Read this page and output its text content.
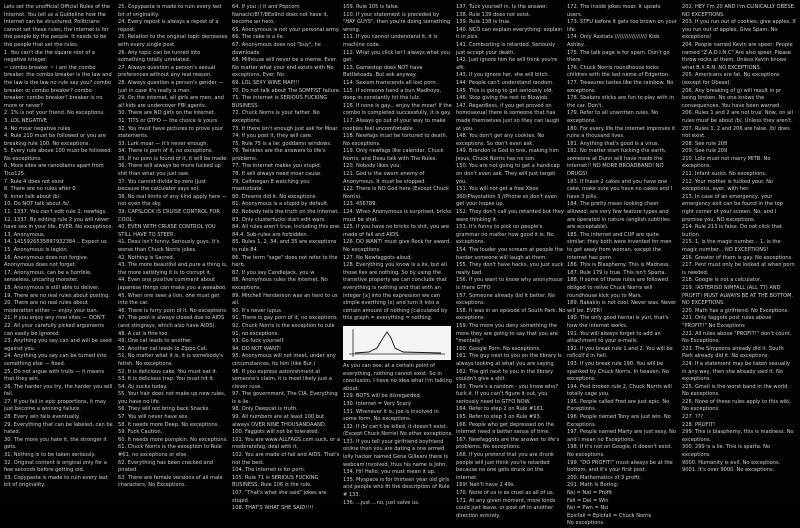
Lets set the unofficial Official Rules of the Internet. You tell us a Guideline how the Internet can be structured. Politicians cannot set these rules, the Internet is for the people by the people. It needs to be the people that set the rules.
1. You can't die the square root of a negative integer.
~ combo breaker ~ i am the combo breaker. the combo breaker is the law and the law is the law no rule say you? combo breaker or combo breaker? combo breaker: combo breaker? breaker is no more or never?
2. 1% is not your friend. No exceptions.
3. LOL NEGATIVE
4. No moar negative rules
4. Rule 210 must be followed or you are breaking rule 100. No exceptions.
5. Every rule above 100 must be followed. No exceptions.
6. More sites are ranodiams apart from Tico125.
7. Rule 4 does not exist
8. There are no rules after 0.
9. Inner talk about /b/.
10. Do NOT talk about /b/.
11. 1337. You can't edit rule 2, newfags.
12. 1337. By editing rule 2 you will never have sex in your life. EVER. No exceptions.
13. Anonymous.
14. 1415926535897932384... Expect us.
15. Anonymous is legion.
16. Anonymous does not forgive. Anonymous does not forget.
17. Anonymous. can be a horrible, senseless, uncaring monster.
18. Anonymous is still able to deliver.
19. There are no real rules about posting.
20. There are no real rules about moderation either — enjoy your ban.
21. If you enjoy any rival sites — DON'T.
22. All your carefully picked arguments can easily be ignored.
23. Anything you say can and will be used against you.
24. Anything you say can be turned into something else — fixed.
25. Do not argue with trolls — it means that they win.
26. The harder you try, the harder you will fail.
27. If you fail in epic proportions, it may just become a winning failure.
28. Every win fails eventually.
29. Everything that can be labeled, can be hated.
30. The more you hate it, the stronger it gets.
31. Nothing is to be taken seriously.
32. Original content is original only for a few seconds before getting old.
33. Copypasta is made to ruin every last bit of originality.
25. Copypasta is made to ruin every last bit of originality.
24. Every repost is always a repost of a repost.
25. Relation to the original topic decreases with every single post.
26. Any topic can be turned into something totally unrelated.
27. Always question a person's sexual preferences without any real reason.
28. Always question a person's gender — just in case it's really a man.
29. On the internet, all girls are men, and all kids are undercover FBI agents.
30. There are NO girls on the internet.
31. TITS or GTFO — the choice is yours.
32. You must have pictures to prove your statements.
33. Lurk moar — it's never enough.
34. There is porn of it, no exceptions.
35. If no porn is found of it, it will be made.
36. There will always be more fucked up shit than what you just saw.
37. You cannot divide by zero (just because the calculator says so).
38. No real limits of any kind apply here — not even the sky.
39. CAPSLOCK IS CRUISE CONTROL FOR COOL.
40. EVEN WITH CRUISE CONTROL YOU STILL HAVE TO STEER.
41. Desu isn't funny. Seriously guys. It's worse than Chuck Norris jokes.
42. Nothing is Sacred.
43. The more beautiful and pure a thing is, the more satisfying it is to corrupt it.
44. Even one positive comment about Japanese things can make you a weeaboo.
45. When one sees a lion, one must get into the car.
46. There is furry porn of it. No exceptions.
47. The pool is always closed due to AIDS (and stingrays, which also have AIDS).
48. A cat is fine too.
49. One cat leads to another.
50. Another cat leads to Zippo Cat.
51. No matter what it is, it is somebody's fetish. No exceptions.
52. It is delicious cake. You must eat it.
53. It is delicious trap. You must hit it.
54. /b/ sucks today.
55. Your hair does not make up new rules, you have no life.
56. They will not bring back Snacks.
57. You will never have sex.
58. It needs more Deep. No exceptions.
59. Fuck Caution.
60. It needs more pumpkin. No exceptions.
61. Chuck Norris is the exception to Rule #61, no exceptions or else.
62. Everything has been cracked and pirated.
63. There are female versions of all male characters. No Exceptions.
64. If you ;) it and Popcorn Nanachi/8!7/8Ee9nd does not have it, become an hero.
65. Anonymous is not your personal army.
66. The cake is a lie.
67. Anonymous does not "buy", he downloads.
68. Milhouse will never be a meme. Ever. No matter what your end exists with No exceptions, Ever. No.
69. LOL SEXY WINE MAP!!!
70. Do not talk about The SOMFIST failure.
71. The internet is SERIOUS FUCKING BUSINESS.
72. Chuck Norris is your father. No exceptions.
73. If there isn't enough just ask for Moar.
74. If you post it, they will care.
75. Rule 75 is a lie: goddamn windows.
76. Twinkies are the answers to life's problems.
77. The internet makes you stupid.
78. It will always need moar cause.
79. Cellmegan 8 watching you masturbate.
80. Dreams did it. No exceptions.
81. Anonymous is a stupid by default.
82. Nobody tells the truth on the Internet.
83. Only clusterfucks start edit wars.
84. All rules aren't true, including this one.
84.4. Sub-rules are forbidden.
85. Rules 1, 2, 34, and 35 are exceptions to rule 84.
86. The term "sage" does not refer to the herb.
87. If you say Candlejack, you w
88. Anonymous rules the internet. No exceptions.
89. Mitchell Henderson was an hero to us all.
90. It's never lupus.
91. There is gay porn of it, no exceptions.
92. Chuck Norris is the exception to rule 91, no exceptions.
93. Go fuck yourself.
94. DO NOT WANT!
95. Anonymous will not meet, under any circumstances, its him (like Bur.)
96. If you express astonishment at someone's claim, it is most likely just a clever ruse.
97. The government, The CIA, Everything is a lie.
98. Only Deepcat is truth.
99. All numbers are at least 100 but always OVER NINE THOUSANDAAND.
100. Faggots will not be tolerated.
101. You are www.ALLFAGS.com suck, or a moderatefag, deal with it.
102. You are made of fail and AIDS. That's not the best.
104. The internet is for porn.
105. Rule 71 is SERIOUS FUCKING BUSINESS. Rule 106 is the rule.
107. "That's what she said" jokes are stupid.
108. THAT'S WHAT SHE SAID!!!!
109. Rule 105 is false.
110. If your statement is preceded by "HAY GUYS", then you're doing something wrong.
111. If you cannot understand it, it is machine code.
112. What you click isn't always what you get.
113. Gamestop does NOT have Battletoads. But ask anyway.
114. Sexism transcends all lost porn.
115. If someone hand a bun Madhoyo, deep in constantly hit the lulz.
116. If none is gay... enjoy the moar! If the combo is completed successfully, it is gay.
117. Always go out of your way to make noobies feel uncomfortable.
118. Newfags must be tortured to death. No exceptions.
119. Only newfags like calendar, Chuck Norris, and Desu talk with The Rules.
120. Nobody likes you.
121. God is the sworn enemy of Anonymous. It must be stopped.
122. There is NO God here (Except Chuck Norris).
123. 456789.
124. When Anonymous is surprised, bricks must be shat.
125. If you have no bricks to shit, you are made of fail and AIDS.
126. DO WANT! must give Rock for award. No exceptions.
127. No Newfaggots aloud.
128. Everything you know is a lie, but all those lies are nothing. So by using the transitive property we can conclude that everything is nothing and that with an integer [x] into the expression we can simple everthing (x) and turn it into a certain amount of nothing [calculated by this graph = everything = nothing.
As you can see, at a certain point of everything, nothing cannot exist. So in conclusion, I have no idea what I'm talking about.
129. BOTS will be disregarded.
130. Internet = Very Scary.
131. Whenever it is, joe is involved in some form. No exceptions.
132. If /b/ can't be killed, it doesn't exist. (Except Chuck Norris) No other exceptions.
133. If you tell your girlfriend boyfriend online then you are dating a one armed lolly hacker named Gene Gilleani there is webcam involved, thus his name is John.
134. Hi! Hello, you must mean it up.
135. Myspace is for thirteen year old girls and people who fit the description of Rule # 133.
136. ...just ...no, just salve us.
137. Tuck yourself in. Is the answer.
138. Rule 139 does not exist.
139. Rule 138 is true.
140. NCO can explain everything: explain it in pics.
141. Combusting is retarded. Seriously just accept your death.
142. Just ignore him he will think you're afk.
143. If you ignore her, she will bitch.
144. People can't understand random.
145. This is going to get seriously old.
146. Stop giving the rest to Blowjob.
147. Regardless, if you get proved on homosexual there is someone that has made themselves just so they can laugh at you.
148. You don't get any cookies. No exceptions. So don't even ask.
149. Brandon is God in one, making him Jesus, Chuck Norris has no son.
150. You are not going to get a handicap on don't even ask. They will just target you.
151. You will not get a free Xbox 360/Playstation 3 /iPhone so don't even get your hopes up.
152. They don't call you retarded but they were thinking it.
153. It's funny to pick on people's grammar no matter how good it is. No exceptions.
154. The louder you scream at people the harder someone will laugh at them.
155. They don't have hacks, you just suck really bad.
156. If you want to know why anonymous is there GTFO
157. Someone already did it better. No exceptions.
158. It was in an episode of South Park. No exceptions.
159. The more you deny something the more they are going to say that you are "mentally"
160. Google Porn. No exceptions.
161. The guy next to you on the library is always looking at what you are saying.
162. The girl next to you in the library couldn't give a shit.
163. There's a random - you know who? fuck it. If you can't figure it out, you seriously need to GTFO NOW.
164. Refer to step 2 on Rule #161.
165. Refer to step 3 on Rule #93.
166. People who get depressed on the internet need a better sense of time.
167. Newfaggots are the answer to life's problems. No exceptions.
168. If you pretend that you are drunk people will just think you're retarded because no one gets drunk on the internet.
169! Nah'll have 2 49s.
170. None of us is as cruel as all of us.
171. At any given moment, more kinds could just leave, or post off in another direction entirely.
172. The inside jokes moar. It upsets users.
173. STFU before it gets too brown on your life.
174. Only Asshats /////////////////// Kids Ashley.
175. The talk page is for spam. Don't go there.
176. Chuck Norris roundhouse kicks children with the last name of Edgerton.
177. Treasures tastes like the rainbow. No exceptions.
178. Sbakers sticks are fun to play with in the car. Don't.
179. Refer to all unwritten rules. No exceptions.
180. For every life the internet improves it ruins a thousand lives.
181. Anything that's good is a virus.
182. No matter start fucking the earth, someone at Dunn will have made the internet!! NO MORE BROADBAND! NO DRUGS!
183. If Ihave 2 cakes and you have one cake, make sure you have no cakes and I have 3 pills.
184. The pretty mean looking cheer allowed; are very few feature types and are operated in nature (english subtitles are acceptable).
185. The internet and CUP are quite similar; they both were invented for men to get away from woman, except the internet has porn.
186. This is Blasphemy. This is Madness.
187. Rule 179 is true. This isn't Sparta.
188. If some of these rules are followed obliged to relive Chuck Norris will roundhouse kick you to Mars.
189. Bakakin is not cool. Never was. Never will be. EVER!
190. The only good hentai is yuri, that's how the internet works.
191. You will always forget to add an attachment to your e-mails.
192. If you break rule 1 and 2. You will be roflcoll'd in hell.
193. If you break rule 190. You will be spanked by Chuck Norris. In heaven. No exceptions.
194. Post broken rule 2, Chuck Norris will totally cage you.
195. People called Fred are just epic. No Exceptions.
196. People named Tony are just win. No Exceptions.
197. People named Marty are just sexy. No and I mean no Exceptions.
198. If it's not on Google, it doesn't exist. No exceptions.
199. "DO PROFIT!" must always be at the bottom, and it's your first post.
200. Mathematics of 3 profit.
201. Math Is Boring;
Nsi = Nat = Profit
Fail = Dei = Win
Nsi = Pwn = Nsi
Epicfail = Epicfail = Chuck Norris
No exceptions.
202. HEY I'm 20 AND I'm CLINICALLY OBESE. NO EXCEPTIONS.
203. If you run out of cookies, give apples. If you run out of apples, Give Spam. No exceptions!
204. People named Kevin are speer; People named "Z.A.D.I.N.C" Are also speer. Please throw rocks at them, Unless Kevin knows what B.X.R.N. NO EXCEPTIONS.
205. Americans are fat. No exceptions (except for Obese).
206. Any breaking of g) will result in pr being broken. No one knows the consequences. You have been warned.
206. Rules 1 and 2 are not true. Now, on all rules must be about /b/. Unless they aren't.
207. Rules 1, 2 and 206 are false. /b/ does not exist.
208. See rule 208
209. See rule 209
210. Lolz must not marry MITB. No exceptions.
211. Infant sucks. No exceptions.
212. Your mother is fucked your. No exceptions, ever, with her.
213. In case of an emergency, your emergency exit can be found in the top right corner of your screen. No, and I promise you. NO exceptions.
214. Rule 213 is false. Do not click that button.
215. 1, is the magic number... 1, is the magic number... NO EXCEPTIONS!
216. Greater of them is gay. No exceptions.
217. Pent must only be looked at when porn is needed.
218. Google is not a calculator.
219. !ASTERISD NIMFALL (ALL TT) AND PROFIT! MUST ALWAYS BE AT THE BOTTOM. NO EXCEPTIONS.
220. Math has a girlfriend. No Exceptions.
221. Only faggots post rules above "PROFIT!" No Exceptions
222. All rules above "PROFIT!" don't count. No Exceptions.
223. The Simpsons already did it. South Park already did it. No exceptions.
224. If a statement may be taken sexually in any way, then she already said it. No exceptions.
225. Gmail is the worst band in the world. No exceptions.
226. None of these rules apply to this wiki. No exceptions.
227. ???
228. PROFIT!
299. This is blasphemy, this is madness. No exceptions.
300. 299 is a lie. This is sparta. No exceptions
9000. Humanity is evil. No exceptions.
9001. It's over 9000. No exceptions.
